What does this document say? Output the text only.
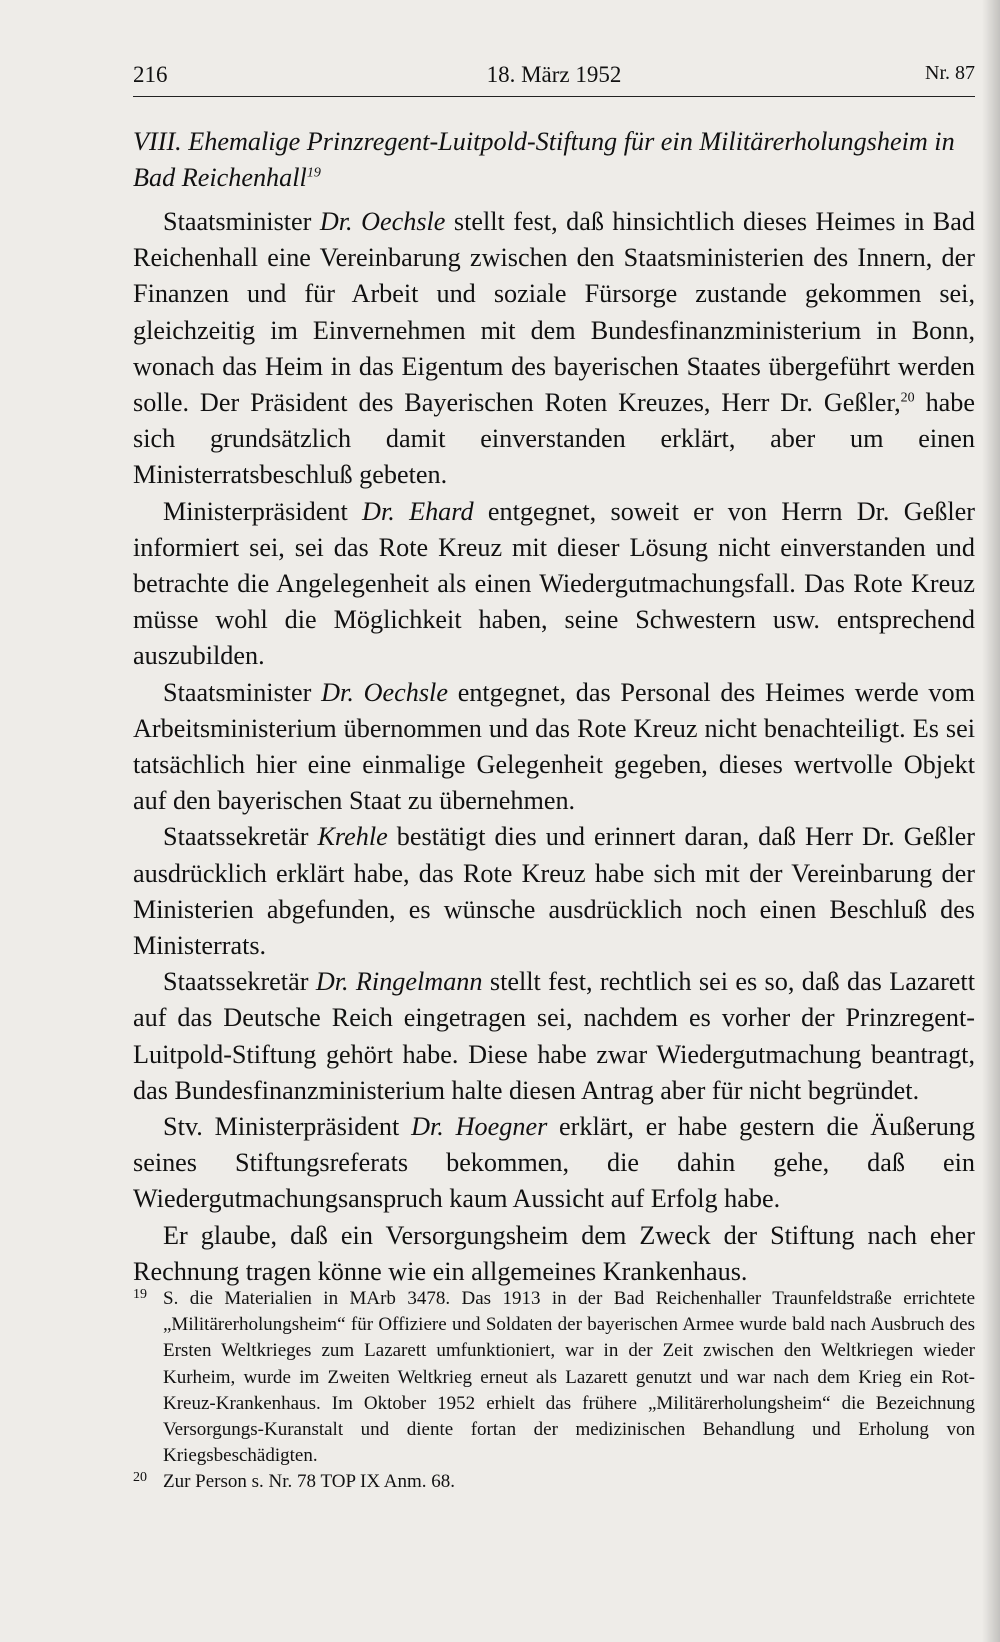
216	18. März 1952	Nr. 87

VIII. Ehemalige Prinzregent-Luitpold-Stiftung für ein Militärerholungsheim in Bad Reichenhall$^{19}$

Staatsminister Dr. Oechsle stellt fest, daß hinsichtlich dieses Heimes in Bad Reichenhall eine Vereinbarung zwischen den Staatsministerien des Innern, der Finanzen und für Arbeit und soziale Fürsorge zustande gekommen sei, gleichzeitig im Einvernehmen mit dem Bundesfinanzministerium in Bonn, wonach das Heim in das Eigentum des bayerischen Staates übergeführt werden solle. Der Präsident des Bayerischen Roten Kreuzes, Herr Dr. Geßler,$^{20}$ habe sich grundsätzlich damit einverstanden erklärt, aber um einen Ministerratsbeschluß gebeten.

Ministerpräsident Dr. Ehard entgegnet, soweit er von Herrn Dr. Geßler informiert sei, sei das Rote Kreuz mit dieser Lösung nicht einverstanden und betrachte die Angelegenheit als einen Wiedergutmachungsfall. Das Rote Kreuz müsse wohl die Möglichkeit haben, seine Schwestern usw. entsprechend auszubilden.

Staatsminister Dr. Oechsle entgegnet, das Personal des Heimes werde vom Arbeitsministerium übernommen und das Rote Kreuz nicht benachteiligt. Es sei tatsächlich hier eine einmalige Gelegenheit gegeben, dieses wertvolle Objekt auf den bayerischen Staat zu übernehmen.

Staatssekretär Krehle bestätigt dies und erinnert daran, daß Herr Dr. Geßler ausdrücklich erklärt habe, das Rote Kreuz habe sich mit der Vereinbarung der Ministerien abgefunden, es wünsche ausdrücklich noch einen Beschluß des Ministerrats.

Staatssekretär Dr. Ringelmann stellt fest, rechtlich sei es so, daß das Lazarett auf das Deutsche Reich eingetragen sei, nachdem es vorher der Prinzregent-Luitpold-Stiftung gehört habe. Diese habe zwar Wiedergutmachung beantragt, das Bundesfinanzministerium halte diesen Antrag aber für nicht begründet.

Stv. Ministerpräsident Dr. Hoegner erklärt, er habe gestern die Äußerung seines Stiftungsreferats bekommen, die dahin gehe, daß ein Wiedergutmachungsanspruch kaum Aussicht auf Erfolg habe.

Er glaube, daß ein Versorgungsheim dem Zweck der Stiftung nach eher Rechnung tragen könne wie ein allgemeines Krankenhaus.

19 S. die Materialien in MArb 3478. Das 1913 in der Bad Reichenhaller Traunfeldstraße errichtete „Militärerholungsheim“ für Offiziere und Soldaten der bayerischen Armee wurde bald nach Ausbruch des Ersten Weltkrieges zum Lazarett umfunktioniert, war in der Zeit zwischen den Weltkriegen wieder Kurheim, wurde im Zweiten Weltkrieg erneut als Lazarett genutzt und war nach dem Krieg ein Rot-Kreuz-Krankenhaus. Im Oktober 1952 erhielt das frühere „Militärerholungsheim“ die Bezeichnung Versorgungs-Kuranstalt und diente fortan der medizinischen Behandlung und Erholung von Kriegsbeschädigten.

20 Zur Person s. Nr. 78 TOP IX Anm. 68.
